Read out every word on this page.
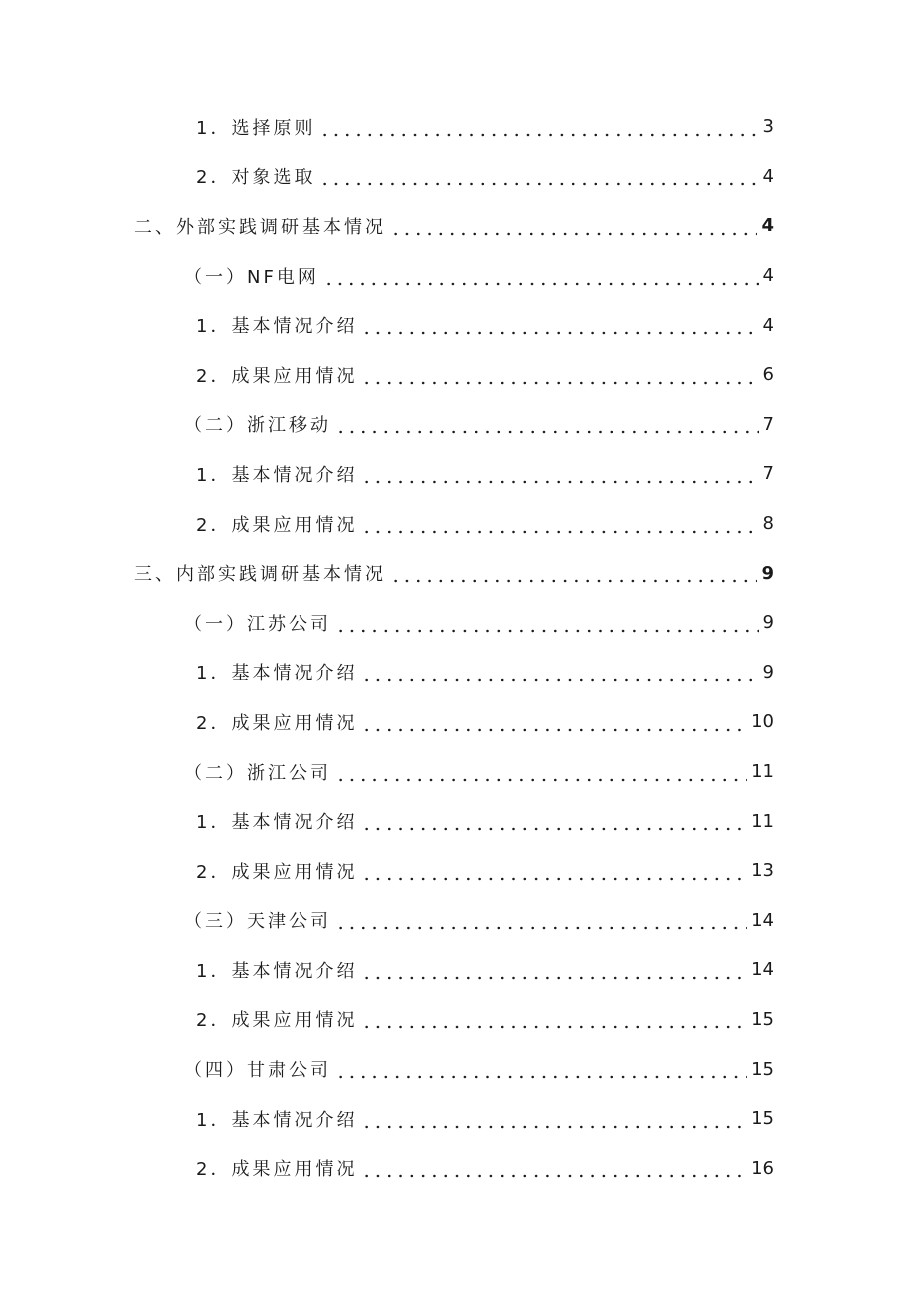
1．选择原则	3
2．对象选取	4
二、外部实践调研基本情况	4
（一）NF电网	4
1．基本情况介绍	4
2．成果应用情况	6
（二）浙江移动	7
1．基本情况介绍	7
2．成果应用情况	8
三、内部实践调研基本情况	9
（一）江苏公司	9
1．基本情况介绍	9
2．成果应用情况	10
（二）浙江公司	11
1．基本情况介绍	11
2．成果应用情况	13
（三）天津公司	14
1．基本情况介绍	14
2．成果应用情况	15
（四）甘肃公司	15
1．基本情况介绍	15
2．成果应用情况	16
